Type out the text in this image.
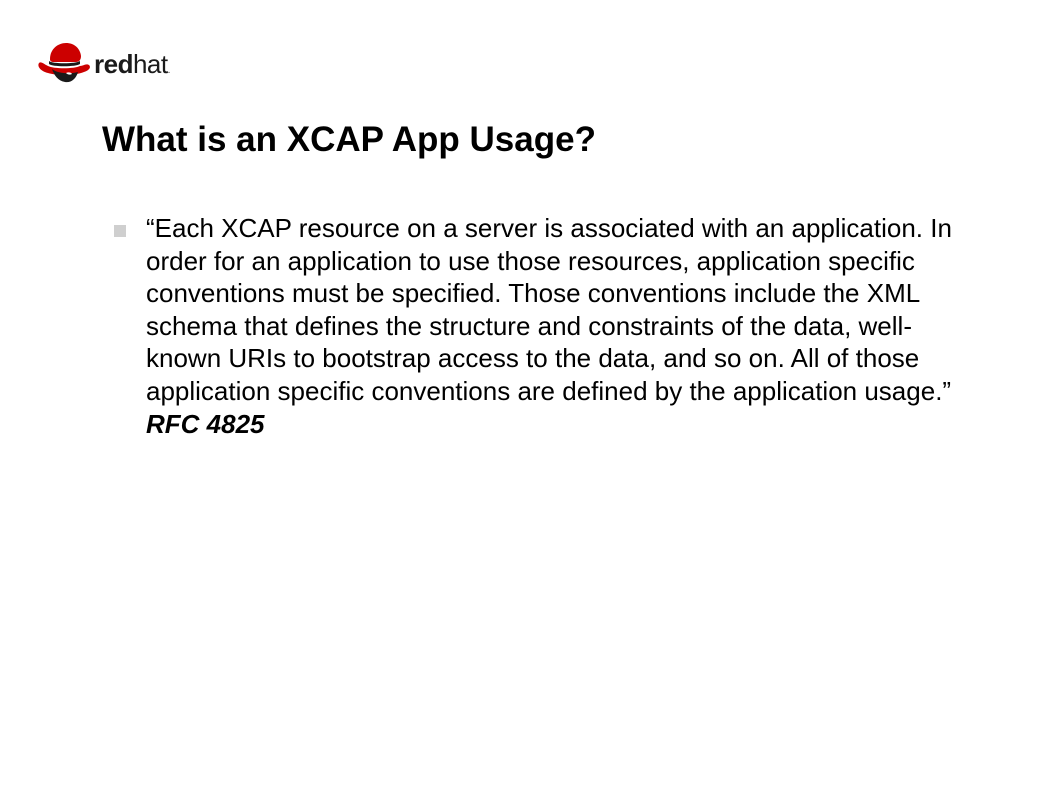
redhat.
What is an XCAP App Usage?
“Each XCAP resource on a server is associated with an application. In order for an application to use those resources, application specific conventions must be specified. Those conventions include the XML schema that defines the structure and constraints of the data, well-known URIs to bootstrap access to the data, and so on. All of those application specific conventions are defined by the application usage.” RFC 4825
